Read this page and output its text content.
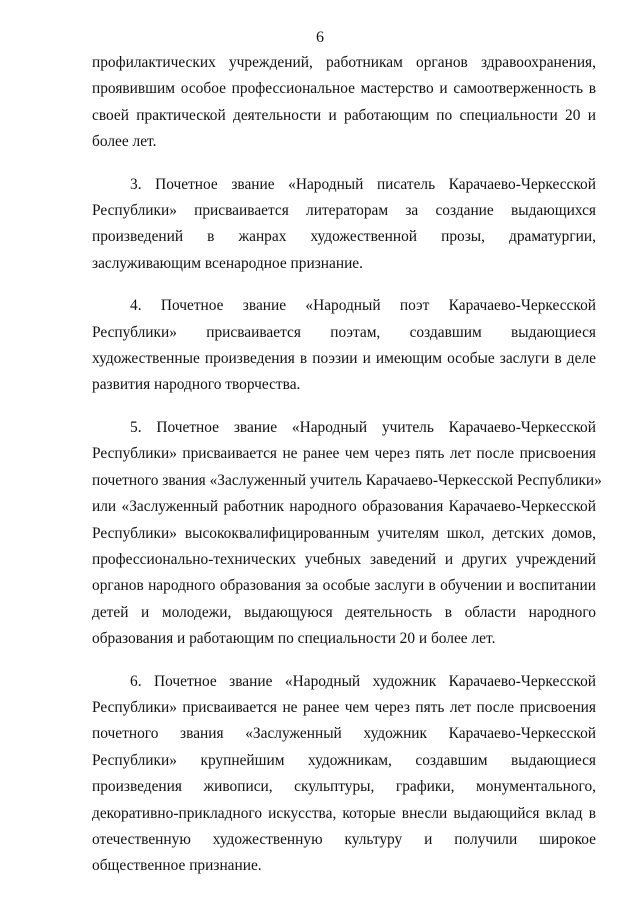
6
профилактических учреждений, работникам органов здравоохранения,
проявившим особое профессиональное мастерство и самоотверженность в
своей практической деятельности и работающим по специальности 20 и
более лет.
3. Почетное звание «Народный писатель Карачаево-Черкесской
Республики» присваивается литераторам за создание выдающихся
произведений в жанрах художественной прозы, драматургии,
заслуживающим всенародное признание.
4. Почетное звание «Народный поэт Карачаево-Черкесской
Республики» присваивается поэтам, создавшим выдающиеся
художественные произведения в поэзии и имеющим особые заслуги в деле
развития народного творчества.
5. Почетное звание «Народный учитель Карачаево-Черкесской
Республики» присваивается не ранее чем через пять лет после присвоения
почетного звания «Заслуженный учитель Карачаево-Черкесской Республики»
или «Заслуженный работник народного образования Карачаево-Черкесской
Республики» высококвалифицированным учителям школ, детских домов,
профессионально-технических учебных заведений и других учреждений
органов народного образования за особые заслуги в обучении и воспитании
детей и молодежи, выдающуюся деятельность в области народного
образования и работающим по специальности 20 и более лет.
6. Почетное звание «Народный художник Карачаево-Черкесской
Республики» присваивается не ранее чем через пять лет после присвоения
почетного звания «Заслуженный художник Карачаево-Черкесской
Республики» крупнейшим художникам, создавшим выдающиеся
произведения живописи, скульптуры, графики, монументального,
декоративно-прикладного искусства, которые внесли выдающийся вклад в
отечественную художественную культуру и получили широкое
общественное признание.
